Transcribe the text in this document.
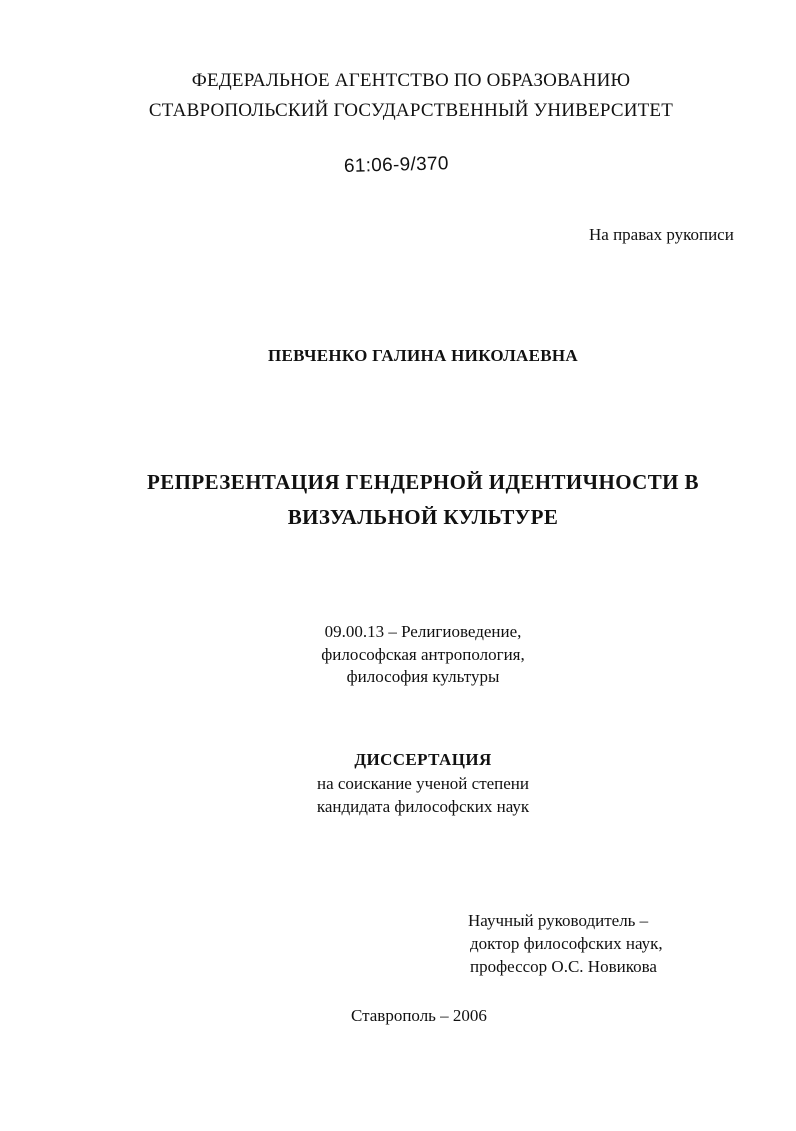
ФЕДЕРАЛЬНОЕ АГЕНТСТВО ПО ОБРАЗОВАНИЮ
СТАВРОПОЛЬСКИЙ ГОСУДАРСТВЕННЫЙ УНИВЕРСИТЕТ
61:06-9/370
На правах рукописи
ПЕВЧЕНКО ГАЛИНА НИКОЛАЕВНА
РЕПРЕЗЕНТАЦИЯ ГЕНДЕРНОЙ ИДЕНТИЧНОСТИ В
ВИЗУАЛЬНОЙ КУЛЬТУРЕ
09.00.13 – Религиоведение,
философская антропология,
философия культуры
ДИССЕРТАЦИЯ
на соискание ученой степени
кандидата философских наук
Научный руководитель –
доктор философских наук,
профессор О.С. Новикова
Ставрополь – 2006
